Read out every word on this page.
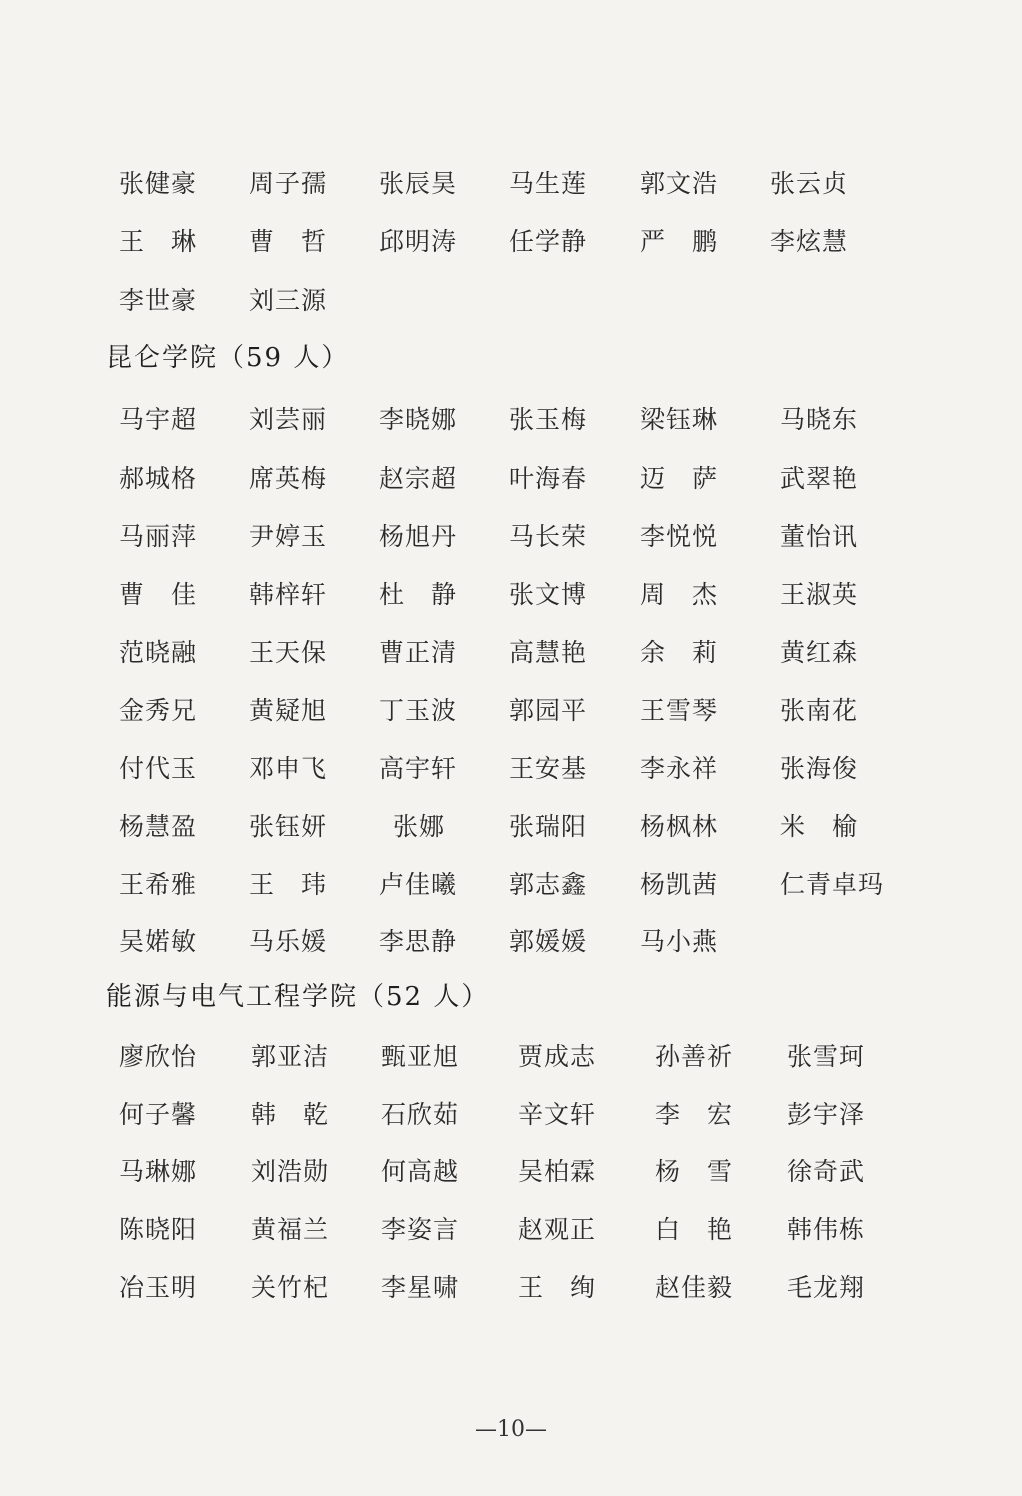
张健豪 周子孺 张辰昊 马生莲 郭文浩 张云贞
王　琳 曹　哲 邱明涛 任学静 严　鹏 李炫慧
李世豪 刘三源
昆仑学院（59 人）
马宇超 刘芸丽 李晓娜 张玉梅 梁钰琳 马晓东
郝城格 席英梅 赵宗超 叶海春 迈　萨 武翠艳
马丽萍 尹婷玉 杨旭丹 马长荣 李悦悦 董怡讯
曹　佳 韩梓轩 杜　静 张文博 周　杰 王淑英
范晓融 王天保 曹正清 高慧艳 余　莉 黄红森
金秀兄 黄疑旭 丁玉波 郭园平 王雪琴 张南花
付代玉 邓申飞 高宇轩 王安基 李永祥 张海俊
杨慧盈 张钰妍	张娜	张瑞阳 杨枫林 米　榆
王希雅 王　玮 卢佳曦 郭志鑫 杨凯茜 仁青卓玛
吴婼敏 马乐媛 李思静 郭媛媛 马小燕
能源与电气工程学院（52 人）
廖欣怡 郭亚洁 甄亚旭 贾成志 孙善祈 张雪珂
何子馨 韩　乾 石欣茹 辛文轩 李　宏 彭宇泽
马琳娜 刘浩勋 何高越 吴柏霖 杨　雪 徐奇武
陈晓阳 黄福兰 李姿言 赵观正 白　艳 韩伟栋
冶玉明 关竹杞 李星啸 王　绚 赵佳毅 毛龙翔
—10—
